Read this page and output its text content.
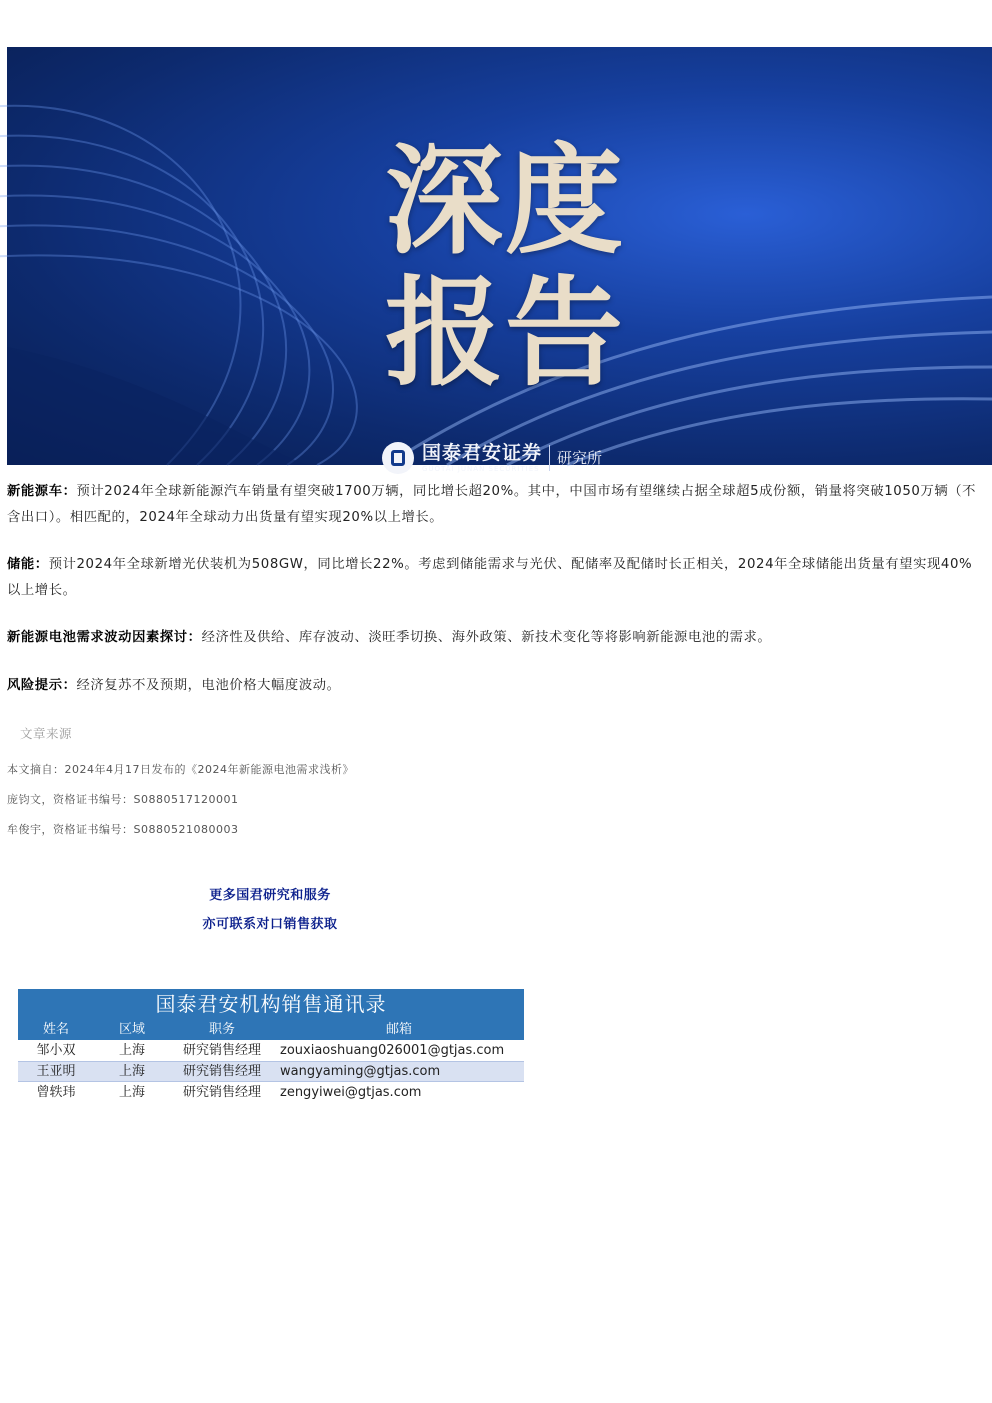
深度
报告
国泰君安证券
GUOTAI JUNAN SECURITIES
研究所

新能源车：预计2024年全球新能源汽车销量有望突破1700万辆，同比增长超20%。其中，中国市场有望继续占据全球超5成份额，销量将突破1050万辆（不含出口）。相匹配的，2024年全球动力出货量有望实现20%以上增长。

储能：预计2024年全球新增光伏装机为508GW，同比增长22%。考虑到储能需求与光伏、配储率及配储时长正相关，2024年全球储能出货量有望实现40%以上增长。

新能源电池需求波动因素探讨：经济性及供给、库存波动、淡旺季切换、海外政策、新技术变化等将影响新能源电池的需求。

风险提示：经济复苏不及预期，电池价格大幅度波动。

文章来源
本文摘自：2024年4月17日发布的《2024年新能源电池需求浅析》
庞钧文，资格证书编号：S0880517120001
牟俊宇，资格证书编号：S0880521080003
更多国君研究和服务
亦可联系对口销售获取
国泰君安机构销售通讯录
姓名	区域	职务	邮箱
邹小双	上海	研究销售经理	zouxiaoshuang026001@gtjas.com
王亚明	上海	研究销售经理	wangyaming@gtjas.com
曾轶玮	上海	研究销售经理	zengyiwei@gtjas.com
